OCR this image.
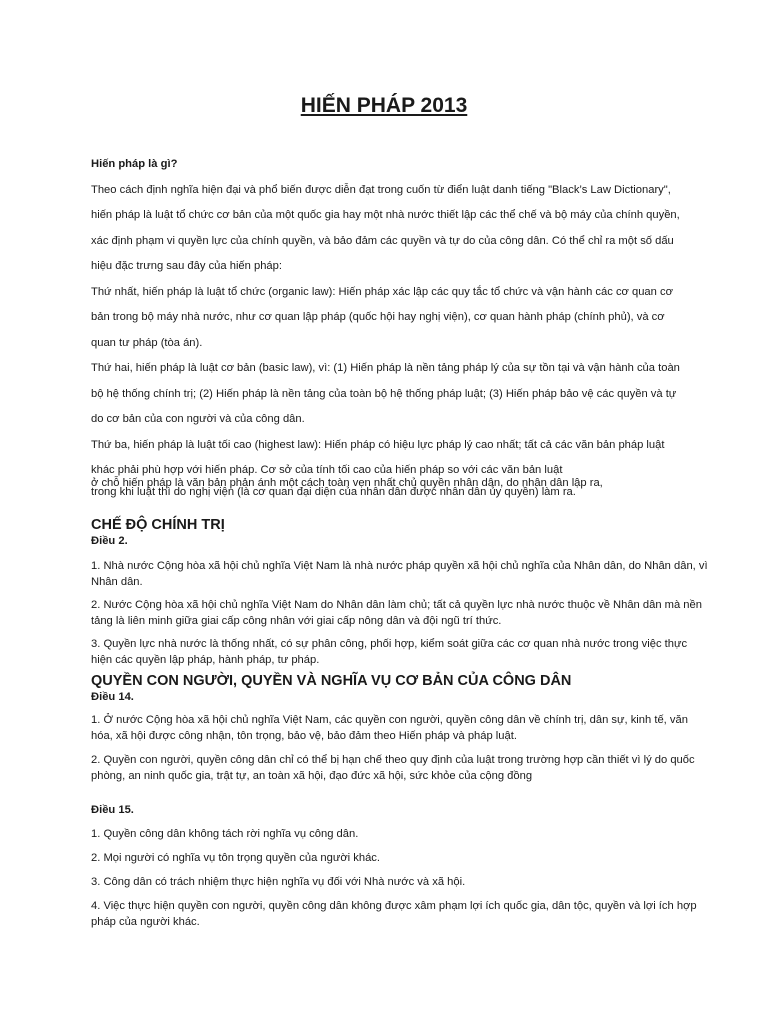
HIẾN PHÁP 2013

Hiến pháp là gì?

Theo cách định nghĩa hiện đại và phổ biến được diễn đạt trong cuốn từ điển luật danh tiếng "Black’s Law Dictionary", hiến pháp là luật tổ chức cơ bản của một quốc gia hay một nhà nước thiết lập các thể chế và bộ máy của chính quyền, xác định phạm vi quyền lực của chính quyền, và bảo đảm các quyền và tự do của công dân. Có thể chỉ ra một số dấu hiệu đặc trưng sau đây của hiến pháp:

Thứ nhất, hiến pháp là luật tổ chức (organic law): Hiến pháp xác lập các quy tắc tổ chức và vận hành các cơ quan cơ bản trong bộ máy nhà nước, như cơ quan lập pháp (quốc hội hay nghị viện), cơ quan hành pháp (chính phủ), và cơ quan tư pháp (tòa án).

Thứ hai, hiến pháp là luật cơ bản (basic law), vì: (1) Hiến pháp là nền tảng pháp lý của sự tồn tại và vận hành của toàn bộ hệ thống chính trị; (2) Hiến pháp là nền tảng của toàn bộ hệ thống pháp luật; (3) Hiến pháp bảo vệ các quyền và tự do cơ bản của con người và của công dân.

Thứ ba, hiến pháp là luật tối cao (highest law): Hiến pháp có hiệu lực pháp lý cao nhất; tất cả các văn bản pháp luật khác phải phù hợp với hiến pháp. Cơ sở của tính tối cao của hiến pháp so với các văn bản luật

ở chỗ hiến pháp là văn bản phản ánh một cách toàn vẹn nhất chủ quyền nhân dân, do nhân dân lập ra,

trong khi luật thì do nghị viện (là cơ quan đại diện của nhân dân được nhân dân ủy quyền) làm ra.

CHẾ ĐỘ CHÍNH TRỊ

Điều 2.

1. Nhà nước Cộng hòa xã hội chủ nghĩa Việt Nam là nhà nước pháp quyền xã hội chủ nghĩa của Nhân dân, do Nhân dân, vì Nhân dân.

2. Nước Cộng hòa xã hội chủ nghĩa Việt Nam do Nhân dân làm chủ; tất cả quyền lực nhà nước thuộc về Nhân dân mà nền tảng là liên minh giữa giai cấp công nhân với giai cấp nông dân và đội ngũ trí thức.

3. Quyền lực nhà nước là thống nhất, có sự phân công, phối hợp, kiểm soát giữa các cơ quan nhà nước trong việc thực hiện các quyền lập pháp, hành pháp, tư pháp.

QUYỀN CON NGƯỜI, QUYỀN VÀ NGHĨA VỤ CƠ BẢN CỦA CÔNG DÂN

Điều 14.

1. Ở nước Cộng hòa xã hội chủ nghĩa Việt Nam, các quyền con người, quyền công dân về chính trị, dân sự, kinh tế, văn hóa, xã hội được công nhận, tôn trọng, bảo vệ, bảo đảm theo Hiến pháp và pháp luật.

2. Quyền con người, quyền công dân chỉ có thể bị hạn chế theo quy định của luật trong trường hợp cần thiết vì lý do quốc phòng, an ninh quốc gia, trật tự, an toàn xã hội, đạo đức xã hội, sức khỏe của cộng đồng

Điều 15.

1. Quyền công dân không tách rời nghĩa vụ công dân.

2. Mọi người có nghĩa vụ tôn trọng quyền của người khác.

3. Công dân có trách nhiệm thực hiện nghĩa vụ đối với Nhà nước và xã hội.

4. Việc thực hiện quyền con người, quyền công dân không được xâm phạm lợi ích quốc gia, dân tộc, quyền và lợi ích hợp pháp của người khác.
